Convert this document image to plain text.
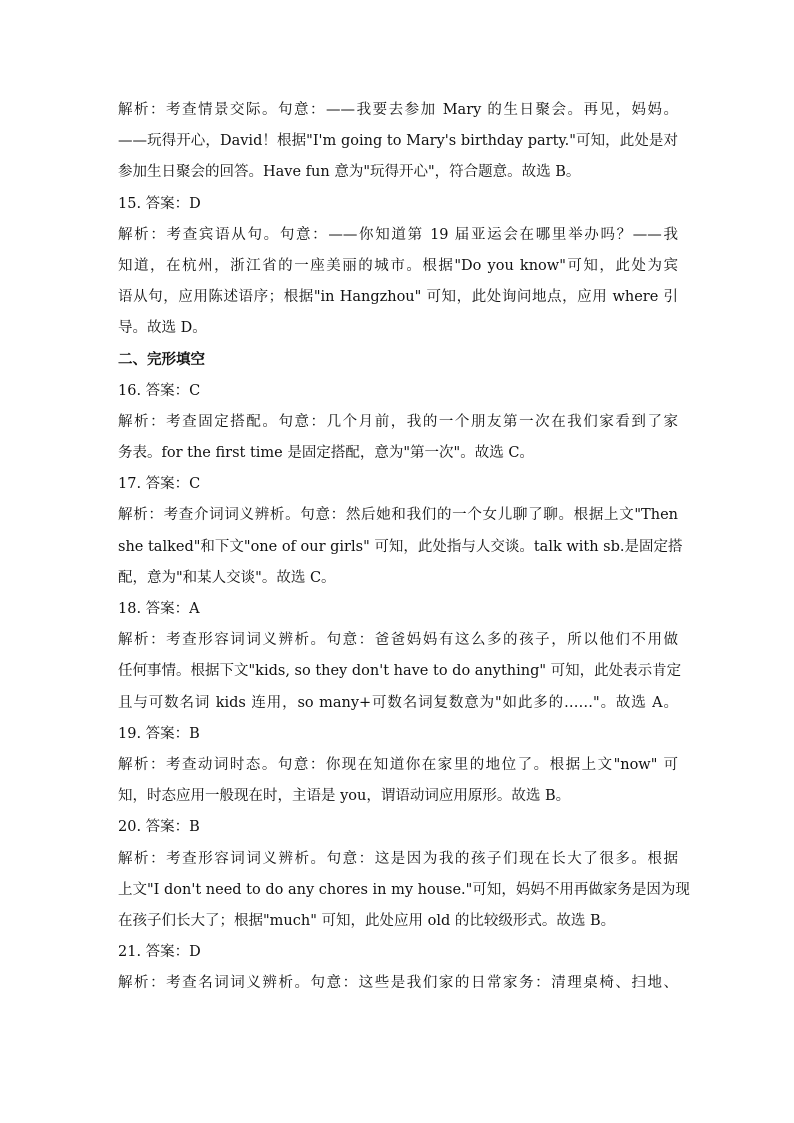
解析：考查情景交际。句意：——我要去参加 Mary 的生日聚会。再见，妈妈。
——玩得开心，David！根据"I'm going to Mary's birthday party."可知，此处是对
参加生日聚会的回答。Have fun 意为"玩得开心"，符合题意。故选 B。
15. 答案：D
解析：考查宾语从句。句意：——你知道第 19 届亚运会在哪里举办吗？——我
知道，在杭州，浙江省的一座美丽的城市。根据"Do you know"可知，此处为宾
语从句，应用陈述语序；根据"in Hangzhou" 可知，此处询问地点，应用 where 引
导。故选 D。
二、完形填空
16. 答案：C
解析：考查固定搭配。句意：几个月前，我的一个朋友第一次在我们家看到了家
务表。for the first time 是固定搭配，意为"第一次"。故选 C。
17. 答案：C
解析：考查介词词义辨析。句意：然后她和我们的一个女儿聊了聊。根据上文"Then
she talked"和下文"one of our girls" 可知，此处指与人交谈。talk with sb.是固定搭
配，意为"和某人交谈"。故选 C。
18. 答案：A
解析：考查形容词词义辨析。句意：爸爸妈妈有这么多的孩子，所以他们不用做
任何事情。根据下文"kids, so they don't have to do anything" 可知，此处表示肯定
且与可数名词 kids 连用，so many+可数名词复数意为"如此多的……"。故选 A。
19. 答案：B
解析：考查动词时态。句意：你现在知道你在家里的地位了。根据上文"now" 可
知，时态应用一般现在时，主语是 you，谓语动词应用原形。故选 B。
20. 答案：B
解析：考查形容词词义辨析。句意：这是因为我的孩子们现在长大了很多。根据
上文"I don't need to do any chores in my house."可知，妈妈不用再做家务是因为现
在孩子们长大了；根据"much" 可知，此处应用 old 的比较级形式。故选 B。
21. 答案：D
解析：考查名词词义辨析。句意：这些是我们家的日常家务：清理桌椅、扫地、
